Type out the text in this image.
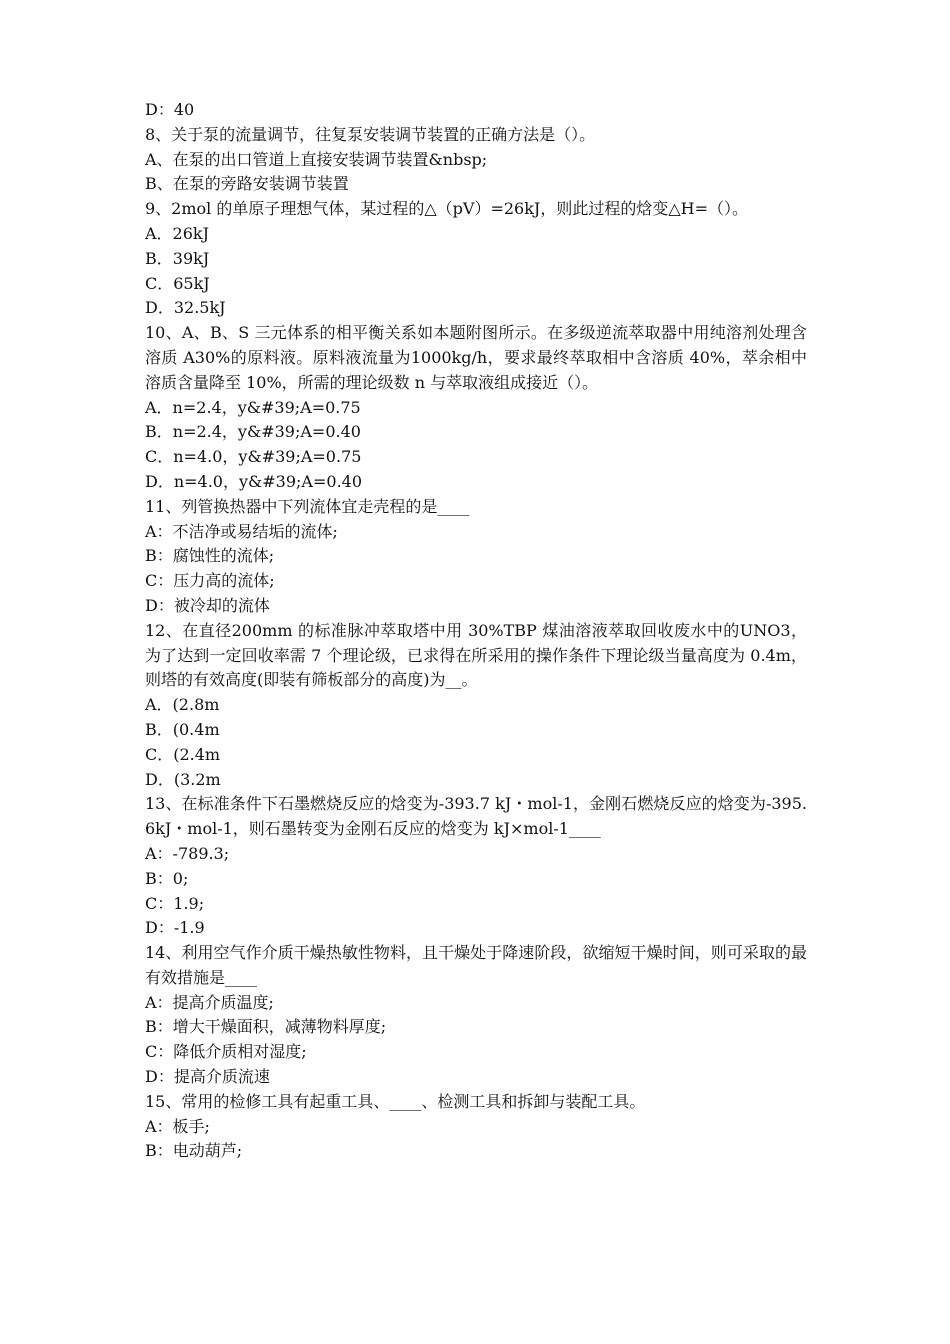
D：40
8、关于泵的流量调节，往复泵安装调节装置的正确方法是（）。
A、在泵的出口管道上直接安装调节装置&nbsp;
B、在泵的旁路安装调节装置
9、2mol 的单原子理想气体，某过程的△（pV）=26kJ，则此过程的焓变△H=（）。
A．26kJ
B．39kJ
C．65kJ
D．32.5kJ
10、A、B、S 三元体系的相平衡关系如本题附图所示。在多级逆流萃取器中用纯溶剂处理含溶质 A30%的原料液。原料液流量为1000kg/h，要求最终萃取相中含溶质 40%，萃余相中溶质含量降至 10%，所需的理论级数 n 与萃取液组成接近（）。
A．n=2.4，y&#39;A=0.75
B．n=2.4，y&#39;A=0.40
C．n=4.0，y&#39;A=0.75
D．n=4.0，y&#39;A=0.40
11、列管换热器中下列流体宜走壳程的是____
A：不洁净或易结垢的流体;
B：腐蚀性的流体;
C：压力高的流体;
D：被冷却的流体
12、在直径200mm 的标准脉冲萃取塔中用 30%TBP 煤油溶液萃取回收废水中的UNO3，为了达到一定回收率需 7 个理论级，已求得在所采用的操作条件下理论级当量高度为 0.4m，则塔的有效高度(即装有筛板部分的高度)为__。
A．(2.8m
B．(0.4m
C．(2.4m
D．(3.2m
13、在标准条件下石墨燃烧反应的焓变为-393.7 kJ・mol-1，金刚石燃烧反应的焓变为-395.6kJ・mol-1，则石墨转变为金刚石反应的焓变为 kJ×mol-1____
A：-789.3;
B：0;
C：1.9;
D：-1.9
14、利用空气作介质干燥热敏性物料，且干燥处于降速阶段，欲缩短干燥时间，则可采取的最有效措施是____
A：提高介质温度;
B：增大干燥面积，减薄物料厚度;
C：降低介质相对湿度;
D：提高介质流速
15、常用的检修工具有起重工具、____、检测工具和拆卸与装配工具。
A：板手;
B：电动葫芦;
